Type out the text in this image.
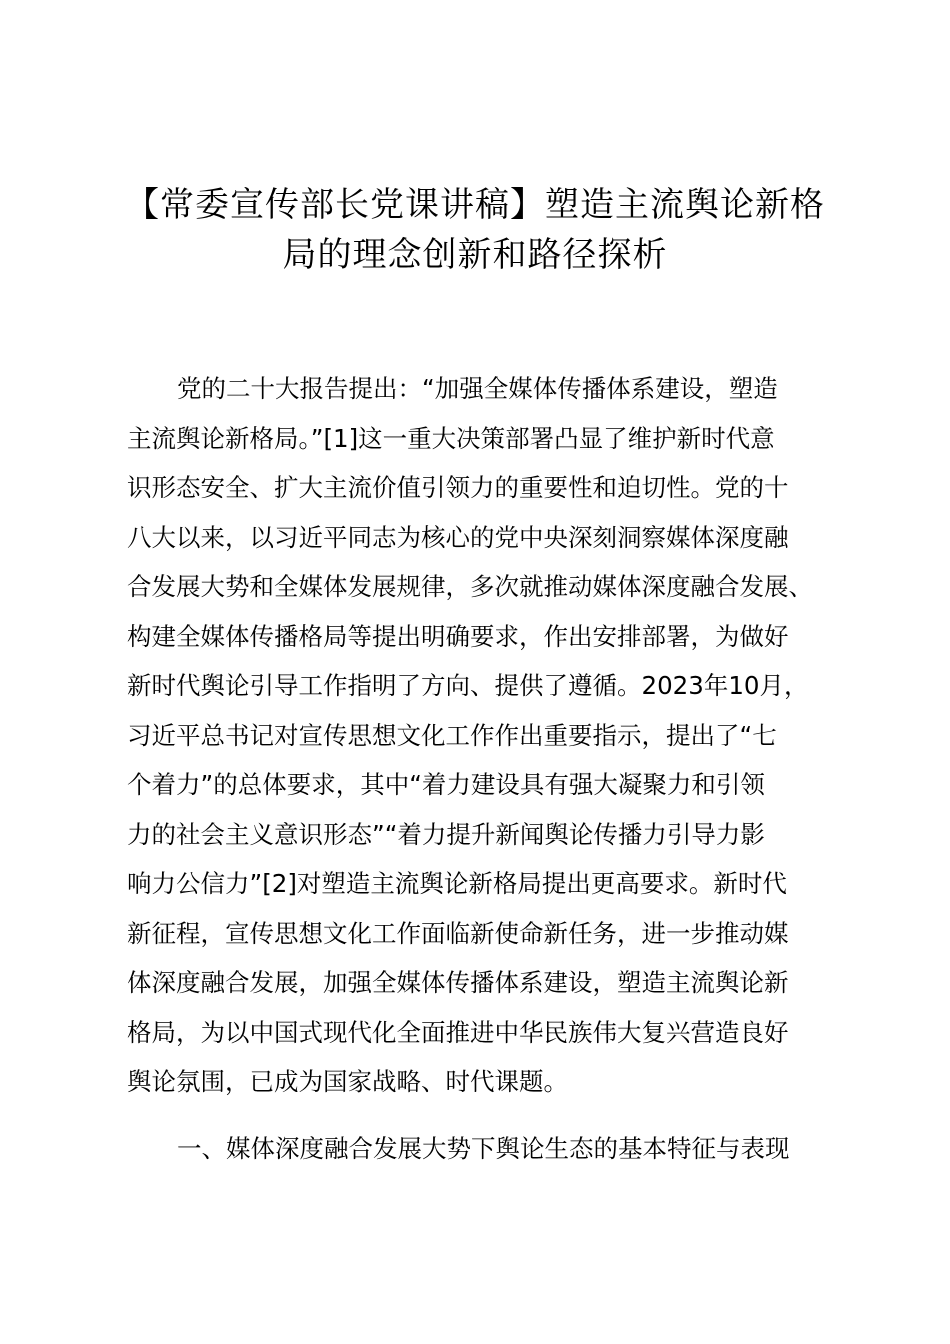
【常委宣传部长党课讲稿】塑造主流舆论新格
局的理念创新和路径探析
党的二十大报告提出：“加强全媒体传播体系建设，塑造
主流舆论新格局。”[1]这一重大决策部署凸显了维护新时代意
识形态安全、扩大主流价值引领力的重要性和迫切性。党的十
八大以来，以习近平同志为核心的党中央深刻洞察媒体深度融
合发展大势和全媒体发展规律，多次就推动媒体深度融合发展、
构建全媒体传播格局等提出明确要求，作出安排部署，为做好
新时代舆论引导工作指明了方向、提供了遵循。2023年10月，
习近平总书记对宣传思想文化工作作出重要指示，提出了“七
个着力”的总体要求，其中“着力建设具有强大凝聚力和引领
力的社会主义意识形态”“着力提升新闻舆论传播力引导力影
响力公信力”[2]对塑造主流舆论新格局提出更高要求。新时代
新征程，宣传思想文化工作面临新使命新任务，进一步推动媒
体深度融合发展，加强全媒体传播体系建设，塑造主流舆论新
格局，为以中国式现代化全面推进中华民族伟大复兴营造良好
舆论氛围，已成为国家战略、时代课题。
一、媒体深度融合发展大势下舆论生态的基本特征与表现
